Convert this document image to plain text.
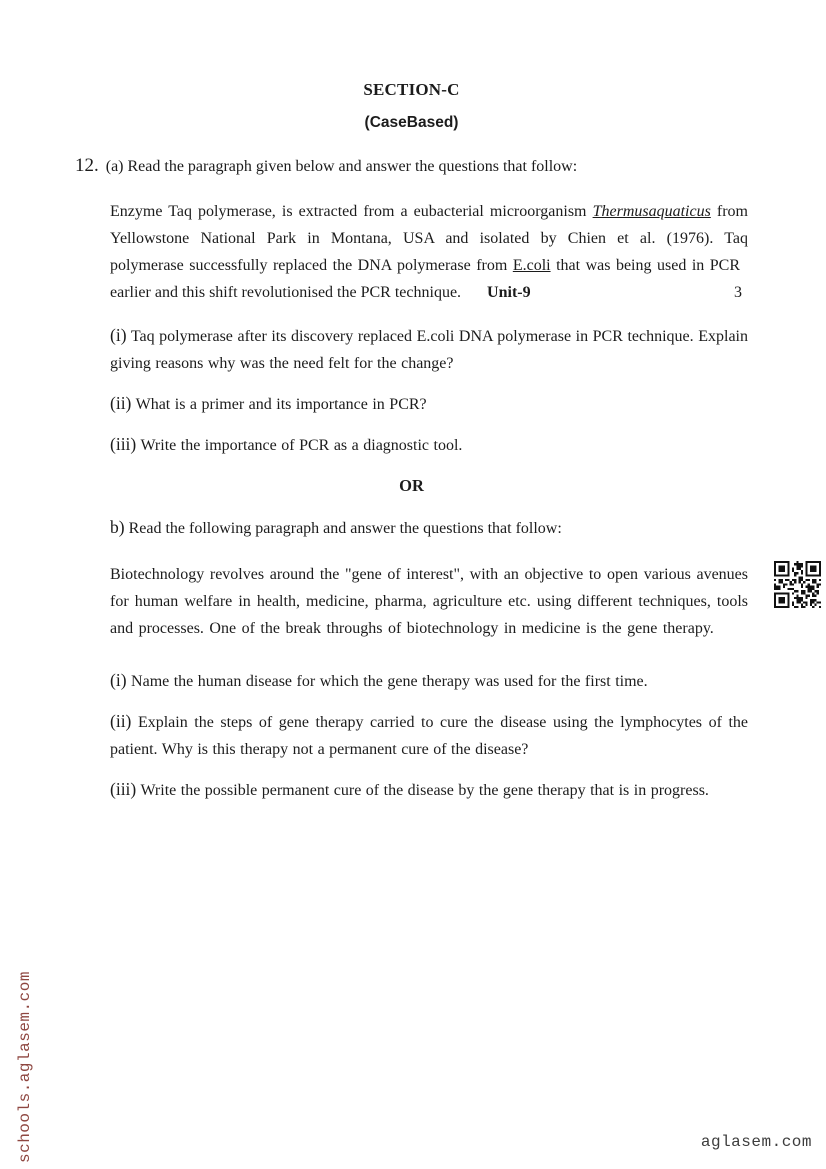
SECTION-C
(CaseBased)
12. (a) Read the paragraph given below and answer the questions that follow:
Enzyme Taq polymerase, is extracted from a eubacterial microorganism Thermusaquaticus from Yellowstone National Park in Montana, USA and isolated by Chien et al. (1976). Taq polymerase successfully replaced the DNA polymerase from E.coli that was being used in PCR
earlier and this shift revolutionised the PCR technique. Unit-9	3
(i) Taq polymerase after its discovery replaced E.coli DNA polymerase in PCR technique. Explain giving reasons why was the need felt for the change?
(ii) What is a primer and its importance in PCR?
(iii) Write the importance of PCR as a diagnostic tool.
OR
b) Read the following paragraph and answer the questions that follow:
Biotechnology revolves around the "gene of interest", with an objective to open various avenues for human welfare in health, medicine, pharma, agriculture etc. using different techniques, tools and processes. One of the break throughs of biotechnology in medicine is the gene therapy.
(i) Name the human disease for which the gene therapy was used for the first time.
(ii) Explain the steps of gene therapy carried to cure the disease using the lymphocytes of the patient. Why is this therapy not a permanent cure of the disease?
(iii) Write the possible permanent cure of the disease by the gene therapy that is in progress.
schools.aglasem.com	aglasem.com
